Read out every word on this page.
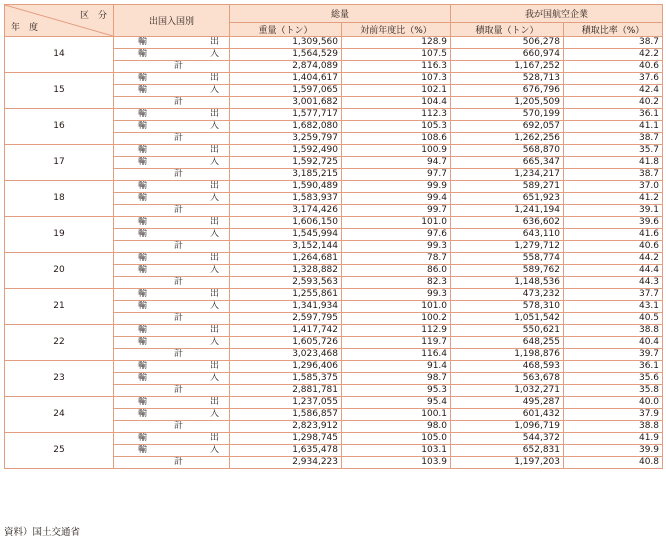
区　分
年　度	出国入国別	総量		我が国航空企業	

		重量（トン）	対前年度比（%）	積取量（トン）	積取比率（%）

14	輸 出	1,309,560	128.9	506,278	38.7
	輸 入	1,564,529	107.5	660,974	42.2
	計	2,874,089	116.3	1,167,252	40.6
15	輸 出	1,404,617	107.3	528,713	37.6
	輸 入	1,597,065	102.1	676,796	42.4
	計	3,001,682	104.4	1,205,509	40.2
16	輸 出	1,577,717	112.3	570,199	36.1
	輸 入	1,682,080	105.3	692,057	41.1
	計	3,259,797	108.6	1,262,256	38.7
17	輸 出	1,592,490	100.9	568,870	35.7
	輸 入	1,592,725	94.7	665,347	41.8
	計	3,185,215	97.7	1,234,217	38.7
18	輸 出	1,590,489	99.9	589,271	37.0
	輸 入	1,583,937	99.4	651,923	41.2
	計	3,174,426	99.7	1,241,194	39.1
19	輸 出	1,606,150	101.0	636,602	39.6
	輸 入	1,545,994	97.6	643,110	41.6
	計	3,152,144	99.3	1,279,712	40.6
20	輸 出	1,264,681	78.7	558,774	44.2
	輸 入	1,328,882	86.0	589,762	44.4
	計	2,593,563	82.3	1,148,536	44.3
21	輸 出	1,255,861	99.3	473,232	37.7
	輸 入	1,341,934	101.0	578,310	43.1
	計	2,597,795	100.2	1,051,542	40.5
22	輸 出	1,417,742	112.9	550,621	38.8
	輸 入	1,605,726	119.7	648,255	40.4
	計	3,023,468	116.4	1,198,876	39.7
23	輸 出	1,296,406	91.4	468,593	36.1
	輸 入	1,585,375	98.7	563,678	35.6
	計	2,881,781	95.3	1,032,271	35.8
24	輸 出	1,237,055	95.4	495,287	40.0
	輸 入	1,586,857	100.1	601,432	37.9
	計	2,823,912	98.0	1,096,719	38.8
25	輸 出	1,298,745	105.0	544,372	41.9
	輸 入	1,635,478	103.1	652,831	39.9
	計	2,934,223	103.9	1,197,203	40.8
資料）国土交通省
